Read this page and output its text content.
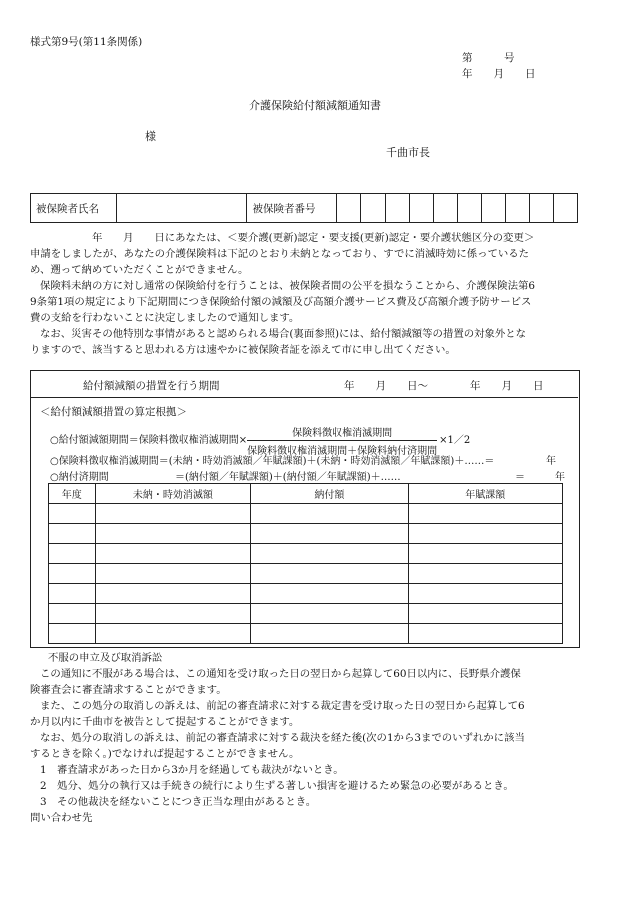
様式第9号(第11条関係)
第　　　号
年　　月　　日
介護保険給付額減額通知書
様
千曲市長
被保険者氏名		被保険者番号										
年　　月　　日にあなたは、＜要介護(更新)認定・要支援(更新)認定・要介護状態区分の変更＞
申請をしましたが、あなたの介護保険料は下記のとおり未納となっており、すでに消滅時効に係っているた
め、遡って納めていただくことができません。
保険料未納の方に対し通常の保険給付を行うことは、被保険者間の公平を損なうことから、介護保険法第6
9条第1項の規定により下記期間につき保険給付額の減額及び高額介護サービス費及び高額介護予防サービス
費の支給を行わないことに決定しましたので通知します。
なお、災害その他特別な事情があると認められる場合(裏面参照)には、給付額減額等の措置の対象外とな
りますので、該当すると思われる方は速やかに被保険者証を添えて市に申し出てください。
給付額減額の措置を行う期間	年　　月　　日～　　　　年　　月　　日
＜給付額減額措置の算定根拠＞
○給付額減額期間＝保険料徴収権消滅期間× $\frac{\text{保険料徴収権消滅期間}}{\text{保険料徴収権消滅期間＋保険料納付済期間}}$ ×1／2
○保険料徴収権消滅期間＝(未納・時効消滅額／年賦課額)＋(未納・時効消滅額／年賦課額)＋……＝	年
○納付済期間	＝(納付額／年賦課額)＋(納付額／年賦課額)＋……	＝　　　年
年度	未納・時効消滅額	納付額	年賦課額

不服の申立及び取消訴訟
この通知に不服がある場合は、この通知を受け取った日の翌日から起算して60日以内に、長野県介護保
険審査会に審査請求することができます。
また、この処分の取消しの訴えは、前記の審査請求に対する裁定書を受け取った日の翌日から起算して6
か月以内に千曲市を被告として提起することができます。
なお、処分の取消しの訴えは、前記の審査請求に対する裁決を経た後(次の1から3までのいずれかに該当
するときを除く。)でなければ提起することができません。
1　審査請求があった日から3か月を経過しても裁決がないとき。
2　処分、処分の執行又は手続きの続行により生ずる著しい損害を避けるため緊急の必要があるとき。
3　その他裁決を経ないことにつき正当な理由があるとき。
問い合わせ先
